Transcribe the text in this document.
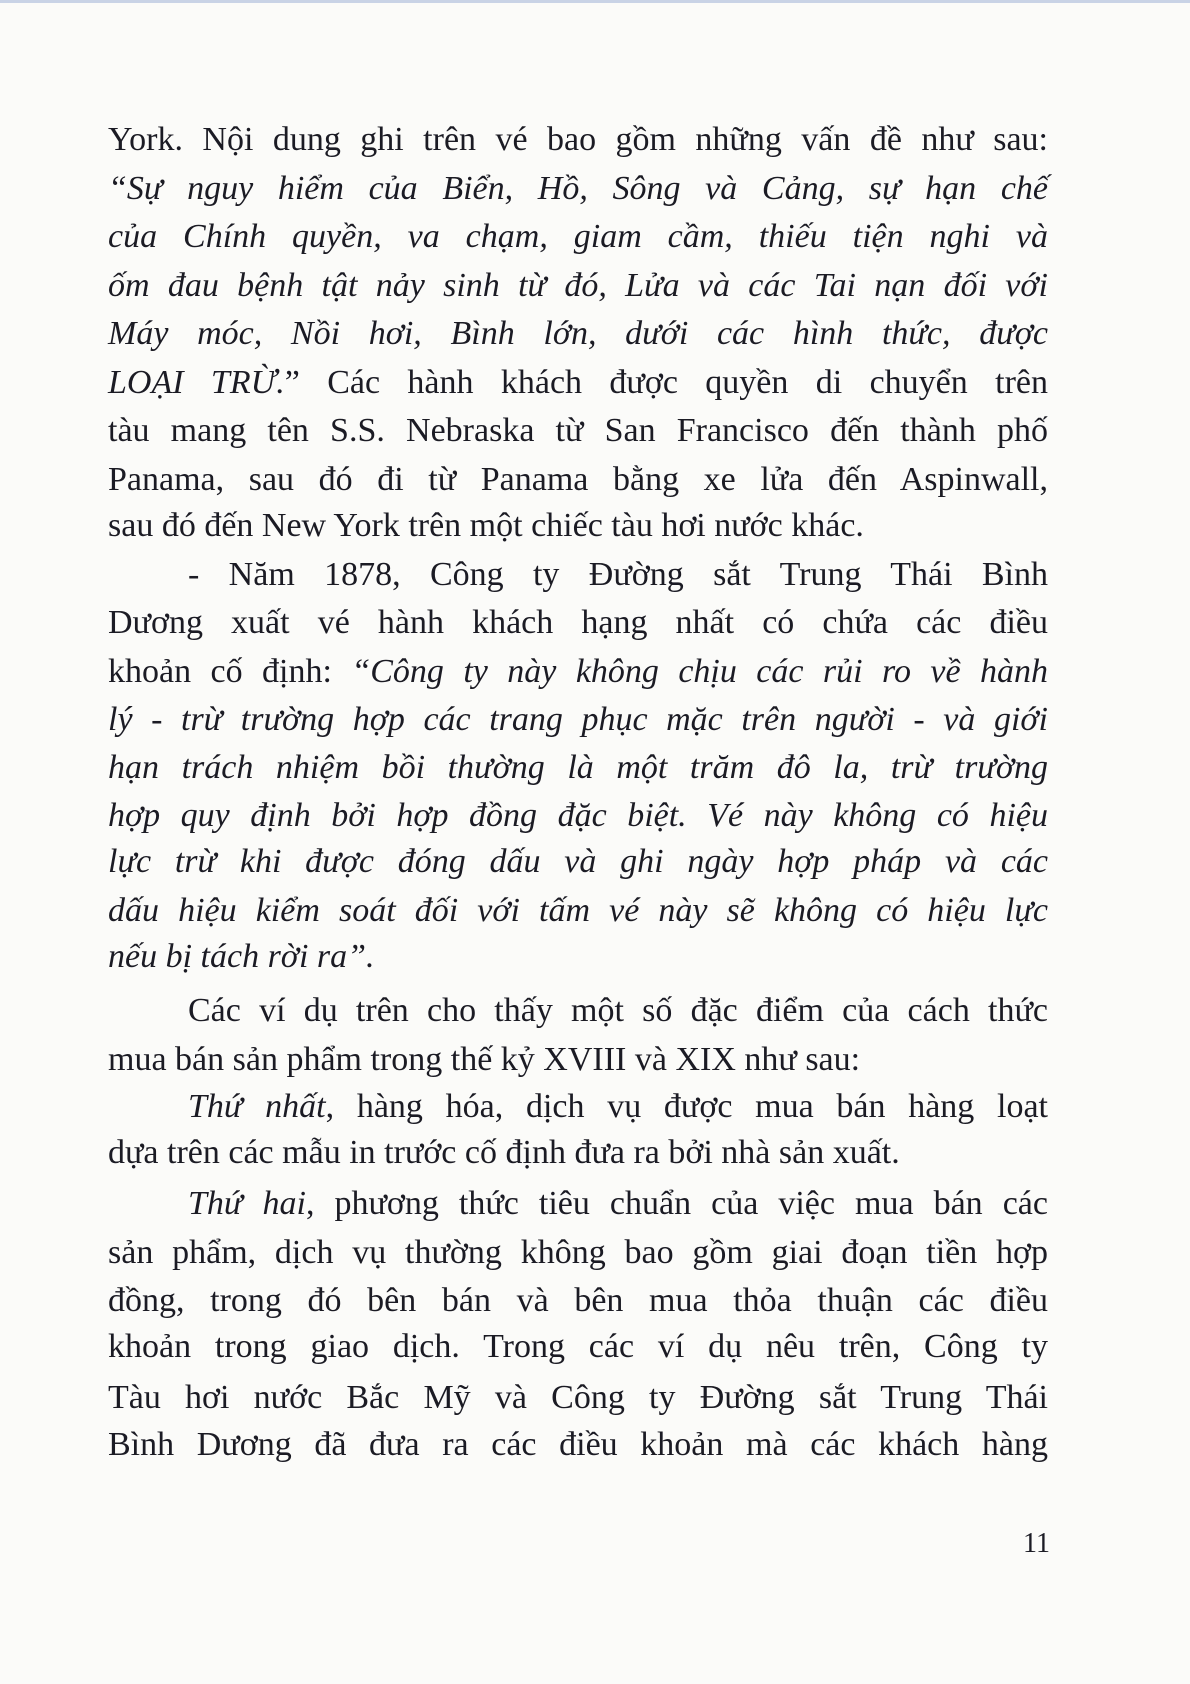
York. Nội dung ghi trên vé bao gồm những vấn đề như sau:
“Sự nguy hiểm của Biển, Hồ, Sông và Cảng, sự hạn chế
của Chính quyền, va chạm, giam cầm, thiếu tiện nghi và
ốm đau bệnh tật nảy sinh từ đó, Lửa và các Tai nạn đối với
Máy móc, Nồi hơi, Bình lớn, dưới các hình thức, được
LOẠI TRỪ.” Các hành khách được quyền di chuyển trên
tàu mang tên S.S. Nebraska từ San Francisco đến thành phố
Panama, sau đó đi từ Panama bằng xe lửa đến Aspinwall,
sau đó đến New York trên một chiếc tàu hơi nước khác.
- Năm 1878, Công ty Đường sắt Trung Thái Bình
Dương xuất vé hành khách hạng nhất có chứa các điều
khoản cố định: “Công ty này không chịu các rủi ro về hành
lý - trừ trường hợp các trang phục mặc trên người - và giới
hạn trách nhiệm bồi thường là một trăm đô la, trừ trường
hợp quy định bởi hợp đồng đặc biệt. Vé này không có hiệu
lực trừ khi được đóng dấu và ghi ngày hợp pháp và các
dấu hiệu kiểm soát đối với tấm vé này sẽ không có hiệu lực
nếu bị tách rời ra”.
Các ví dụ trên cho thấy một số đặc điểm của cách thức
mua bán sản phẩm trong thế kỷ XVIII và XIX như sau:
Thứ nhất, hàng hóa, dịch vụ được mua bán hàng loạt
dựa trên các mẫu in trước cố định đưa ra bởi nhà sản xuất.
Thứ hai, phương thức tiêu chuẩn của việc mua bán các
sản phẩm, dịch vụ thường không bao gồm giai đoạn tiền hợp
đồng, trong đó bên bán và bên mua thỏa thuận các điều
khoản trong giao dịch. Trong các ví dụ nêu trên, Công ty
Tàu hơi nước Bắc Mỹ và Công ty Đường sắt Trung Thái
Bình Dương đã đưa ra các điều khoản mà các khách hàng
11
